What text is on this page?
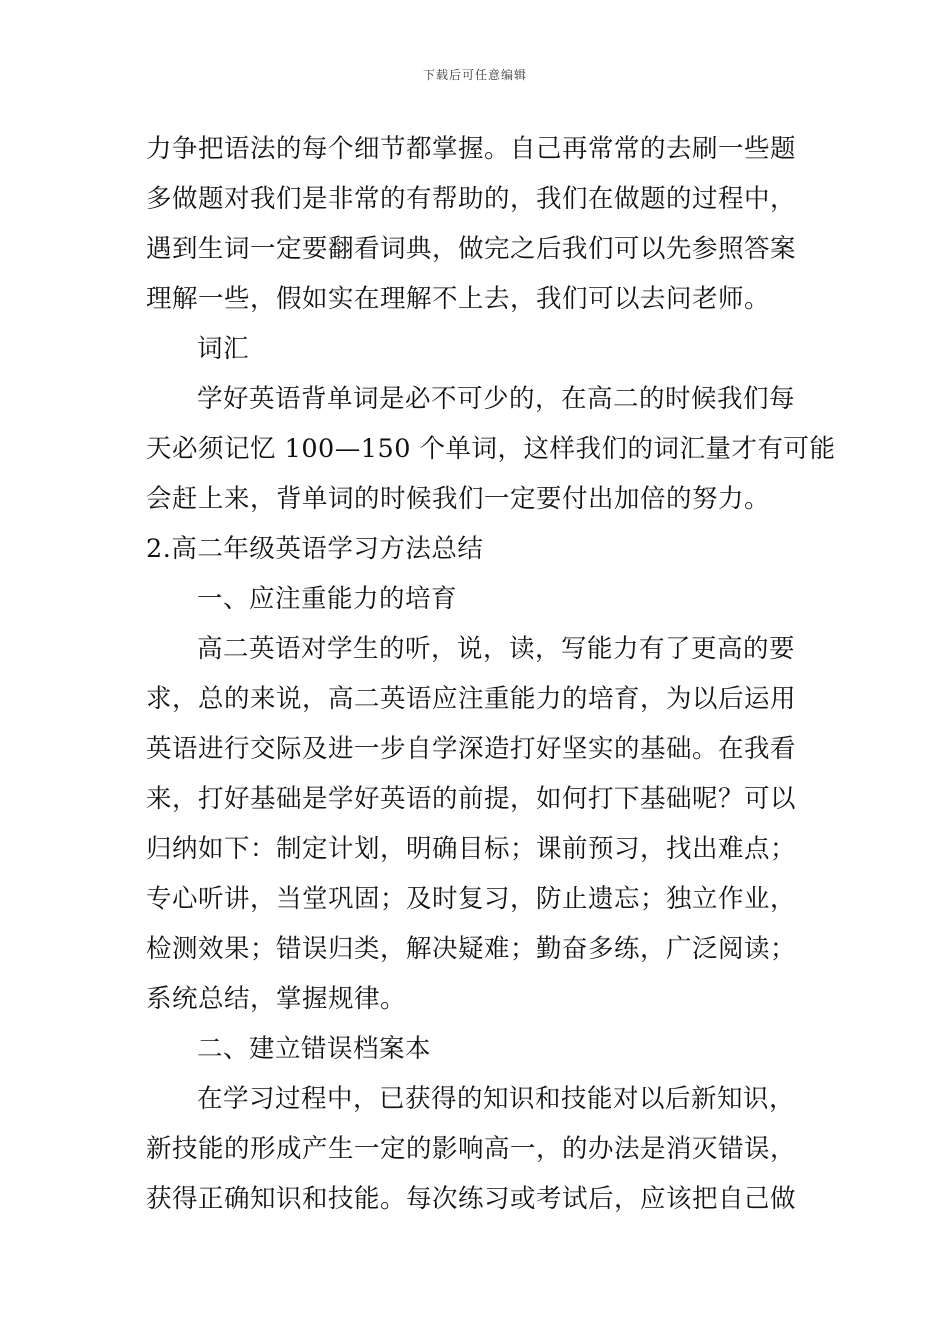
下载后可任意编辑
力争把语法的每个细节都掌握。自己再常常的去刷一些题
多做题对我们是非常的有帮助的，我们在做题的过程中，
遇到生词一定要翻看词典，做完之后我们可以先参照答案
理解一些，假如实在理解不上去，我们可以去问老师。
词汇
学好英语背单词是必不可少的，在高二的时候我们每
天必须记忆 100—150 个单词，这样我们的词汇量才有可能
会赶上来，背单词的时候我们一定要付出加倍的努力。
2.高二年级英语学习方法总结
一、应注重能力的培育
高二英语对学生的听，说，读，写能力有了更高的要
求，总的来说，高二英语应注重能力的培育，为以后运用
英语进行交际及进一步自学深造打好坚实的基础。在我看
来，打好基础是学好英语的前提，如何打下基础呢？可以
归纳如下：制定计划，明确目标；课前预习，找出难点；
专心听讲，当堂巩固；及时复习，防止遗忘；独立作业，
检测效果；错误归类，解决疑难；勤奋多练，广泛阅读；
系统总结，掌握规律。
二、建立错误档案本
在学习过程中，已获得的知识和技能对以后新知识，
新技能的形成产生一定的影响高一，的办法是消灭错误，
获得正确知识和技能。每次练习或考试后，应该把自己做
